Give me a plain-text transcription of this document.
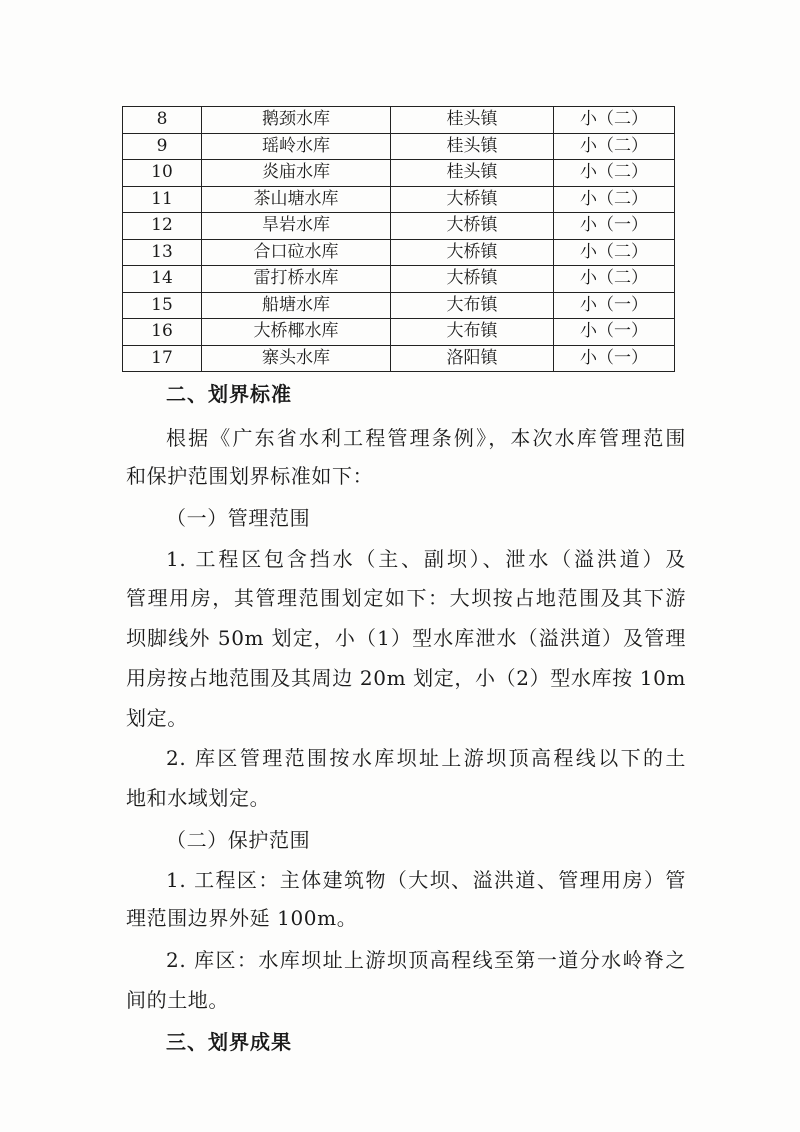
8	鹅颈水库	桂头镇	小（二）
9	瑶岭水库	桂头镇	小（二）
10	炎庙水库	桂头镇	小（二）
11	茶山塘水库	大桥镇	小（二）
12	旱岩水库	大桥镇	小（一）
13	合口砬水库	大桥镇	小（二）
14	雷打桥水库	大桥镇	小（二）
15	船塘水库	大布镇	小（一）
16	大桥椰水库	大布镇	小（一）
17	寨头水库	洛阳镇	小（一）
二、划界标准
根据《广东省水利工程管理条例》，本次水库管理范围
和保护范围划界标准如下：
（一）管理范围
1. 工程区包含挡水（主、副坝）、泄水（溢洪道）及
管理用房，其管理范围划定如下：大坝按占地范围及其下游
坝脚线外 50m 划定，小（1）型水库泄水（溢洪道）及管理
用房按占地范围及其周边 20m 划定，小（2）型水库按 10m
划定。
2. 库区管理范围按水库坝址上游坝顶高程线以下的土
地和水域划定。
（二）保护范围
1. 工程区：主体建筑物（大坝、溢洪道、管理用房）管
理范围边界外延 100m。
2. 库区：水库坝址上游坝顶高程线至第一道分水岭脊之
间的土地。
三、划界成果
